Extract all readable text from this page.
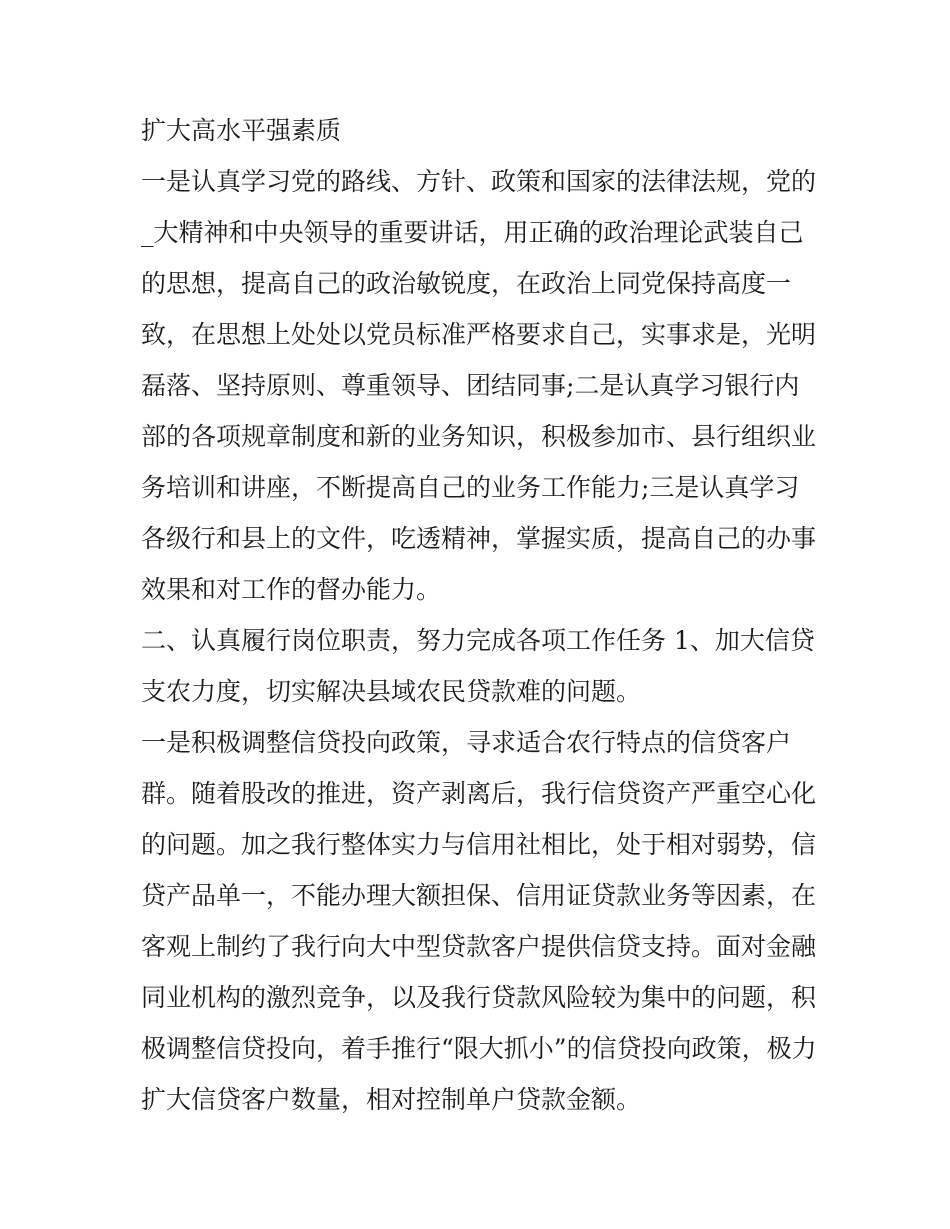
扩大高水平强素质
一是认真学习党的路线、方针、政策和国家的法律法规，党的
_大精神和中央领导的重要讲话，用正确的政治理论武装自己
的思想，提高自己的政治敏锐度，在政治上同党保持高度一
致，在思想上处处以党员标准严格要求自己，实事求是，光明
磊落、坚持原则、尊重领导、团结同事;二是认真学习银行内
部的各项规章制度和新的业务知识，积极参加市、县行组织业
务培训和讲座，不断提高自己的业务工作能力;三是认真学习
各级行和县上的文件，吃透精神，掌握实质，提高自己的办事
效果和对工作的督办能力。
二、认真履行岗位职责，努力完成各项工作任务 1、加大信贷
支农力度，切实解决县域农民贷款难的问题。
一是积极调整信贷投向政策，寻求适合农行特点的信贷客户
群。随着股改的推进，资产剥离后，我行信贷资产严重空心化
的问题。加之我行整体实力与信用社相比，处于相对弱势，信
贷产品单一，不能办理大额担保、信用证贷款业务等因素，在
客观上制约了我行向大中型贷款客户提供信贷支持。面对金融
同业机构的激烈竞争，以及我行贷款风险较为集中的问题，积
极调整信贷投向，着手推行“限大抓小”的信贷投向政策，极力
扩大信贷客户数量，相对控制单户贷款金额。
